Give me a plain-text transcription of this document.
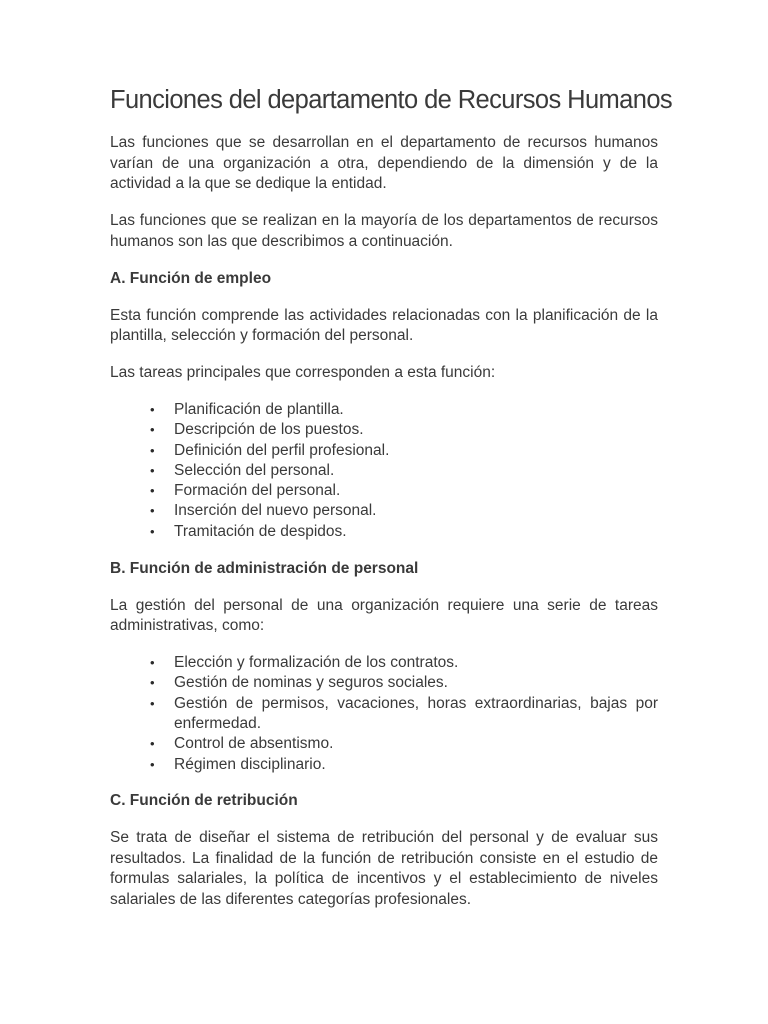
Funciones del departamento de Recursos Humanos

Las funciones que se desarrollan en el departamento de recursos humanos varían de una organización a otra, dependiendo de la dimensión y de la actividad a la que se dedique la entidad.

Las funciones que se realizan en la mayoría de los departamentos de recursos humanos son las que describimos a continuación.

A. Función de empleo

Esta función comprende las actividades relacionadas con la planificación de la plantilla, selección y formación del personal.

Las tareas principales que corresponden a esta función:

• Planificación de plantilla.
• Descripción de los puestos.
• Definición del perfil profesional.
• Selección del personal.
• Formación del personal.
• Inserción del nuevo personal.
• Tramitación de despidos.

B. Función de administración de personal

La gestión del personal de una organización requiere una serie de tareas administrativas, como:

• Elección y formalización de los contratos.
• Gestión de nominas y seguros sociales.
• Gestión de permisos, vacaciones, horas extraordinarias, bajas por enfermedad.
• Control de absentismo.
• Régimen disciplinario.

C. Función de retribución

Se trata de diseñar el sistema de retribución del personal y de evaluar sus resultados. La finalidad de la función de retribución consiste en el estudio de formulas salariales, la política de incentivos y el establecimiento de niveles salariales de las diferentes categorías profesionales.
